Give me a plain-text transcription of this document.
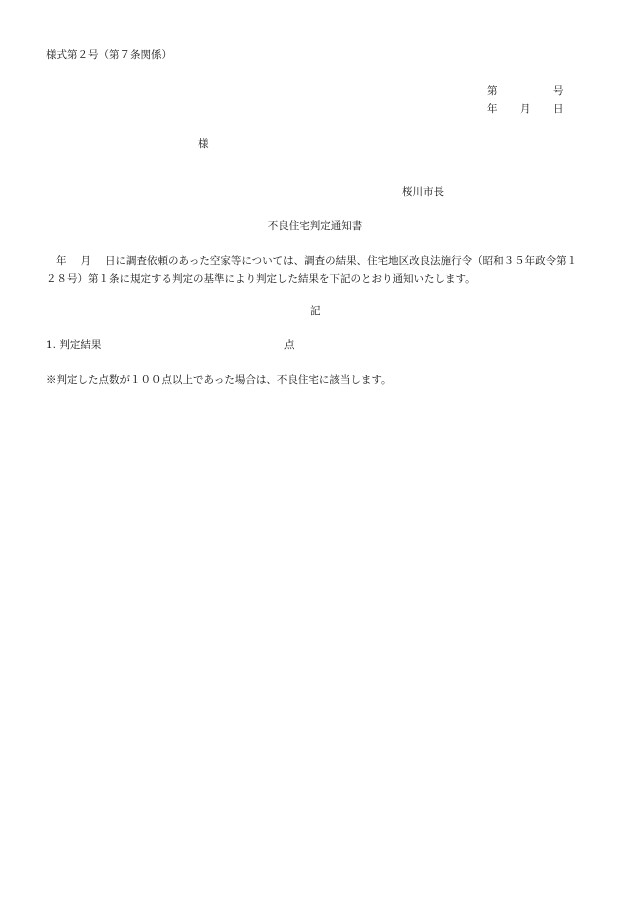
様式第２号（第７条関係）
第	号
年 月 日
様
桜川市長
不良住宅判定通知書
年 月 日に調査依頼のあった空家等については、調査の結果、住宅地区改良法施行令（昭和３５年政令第１
２８号）第１条に規定する判定の基準により判定した結果を下記のとおり通知いたします。
記
1. 判定結果	点
※判定した点数が１００点以上であった場合は、不良住宅に該当します。
